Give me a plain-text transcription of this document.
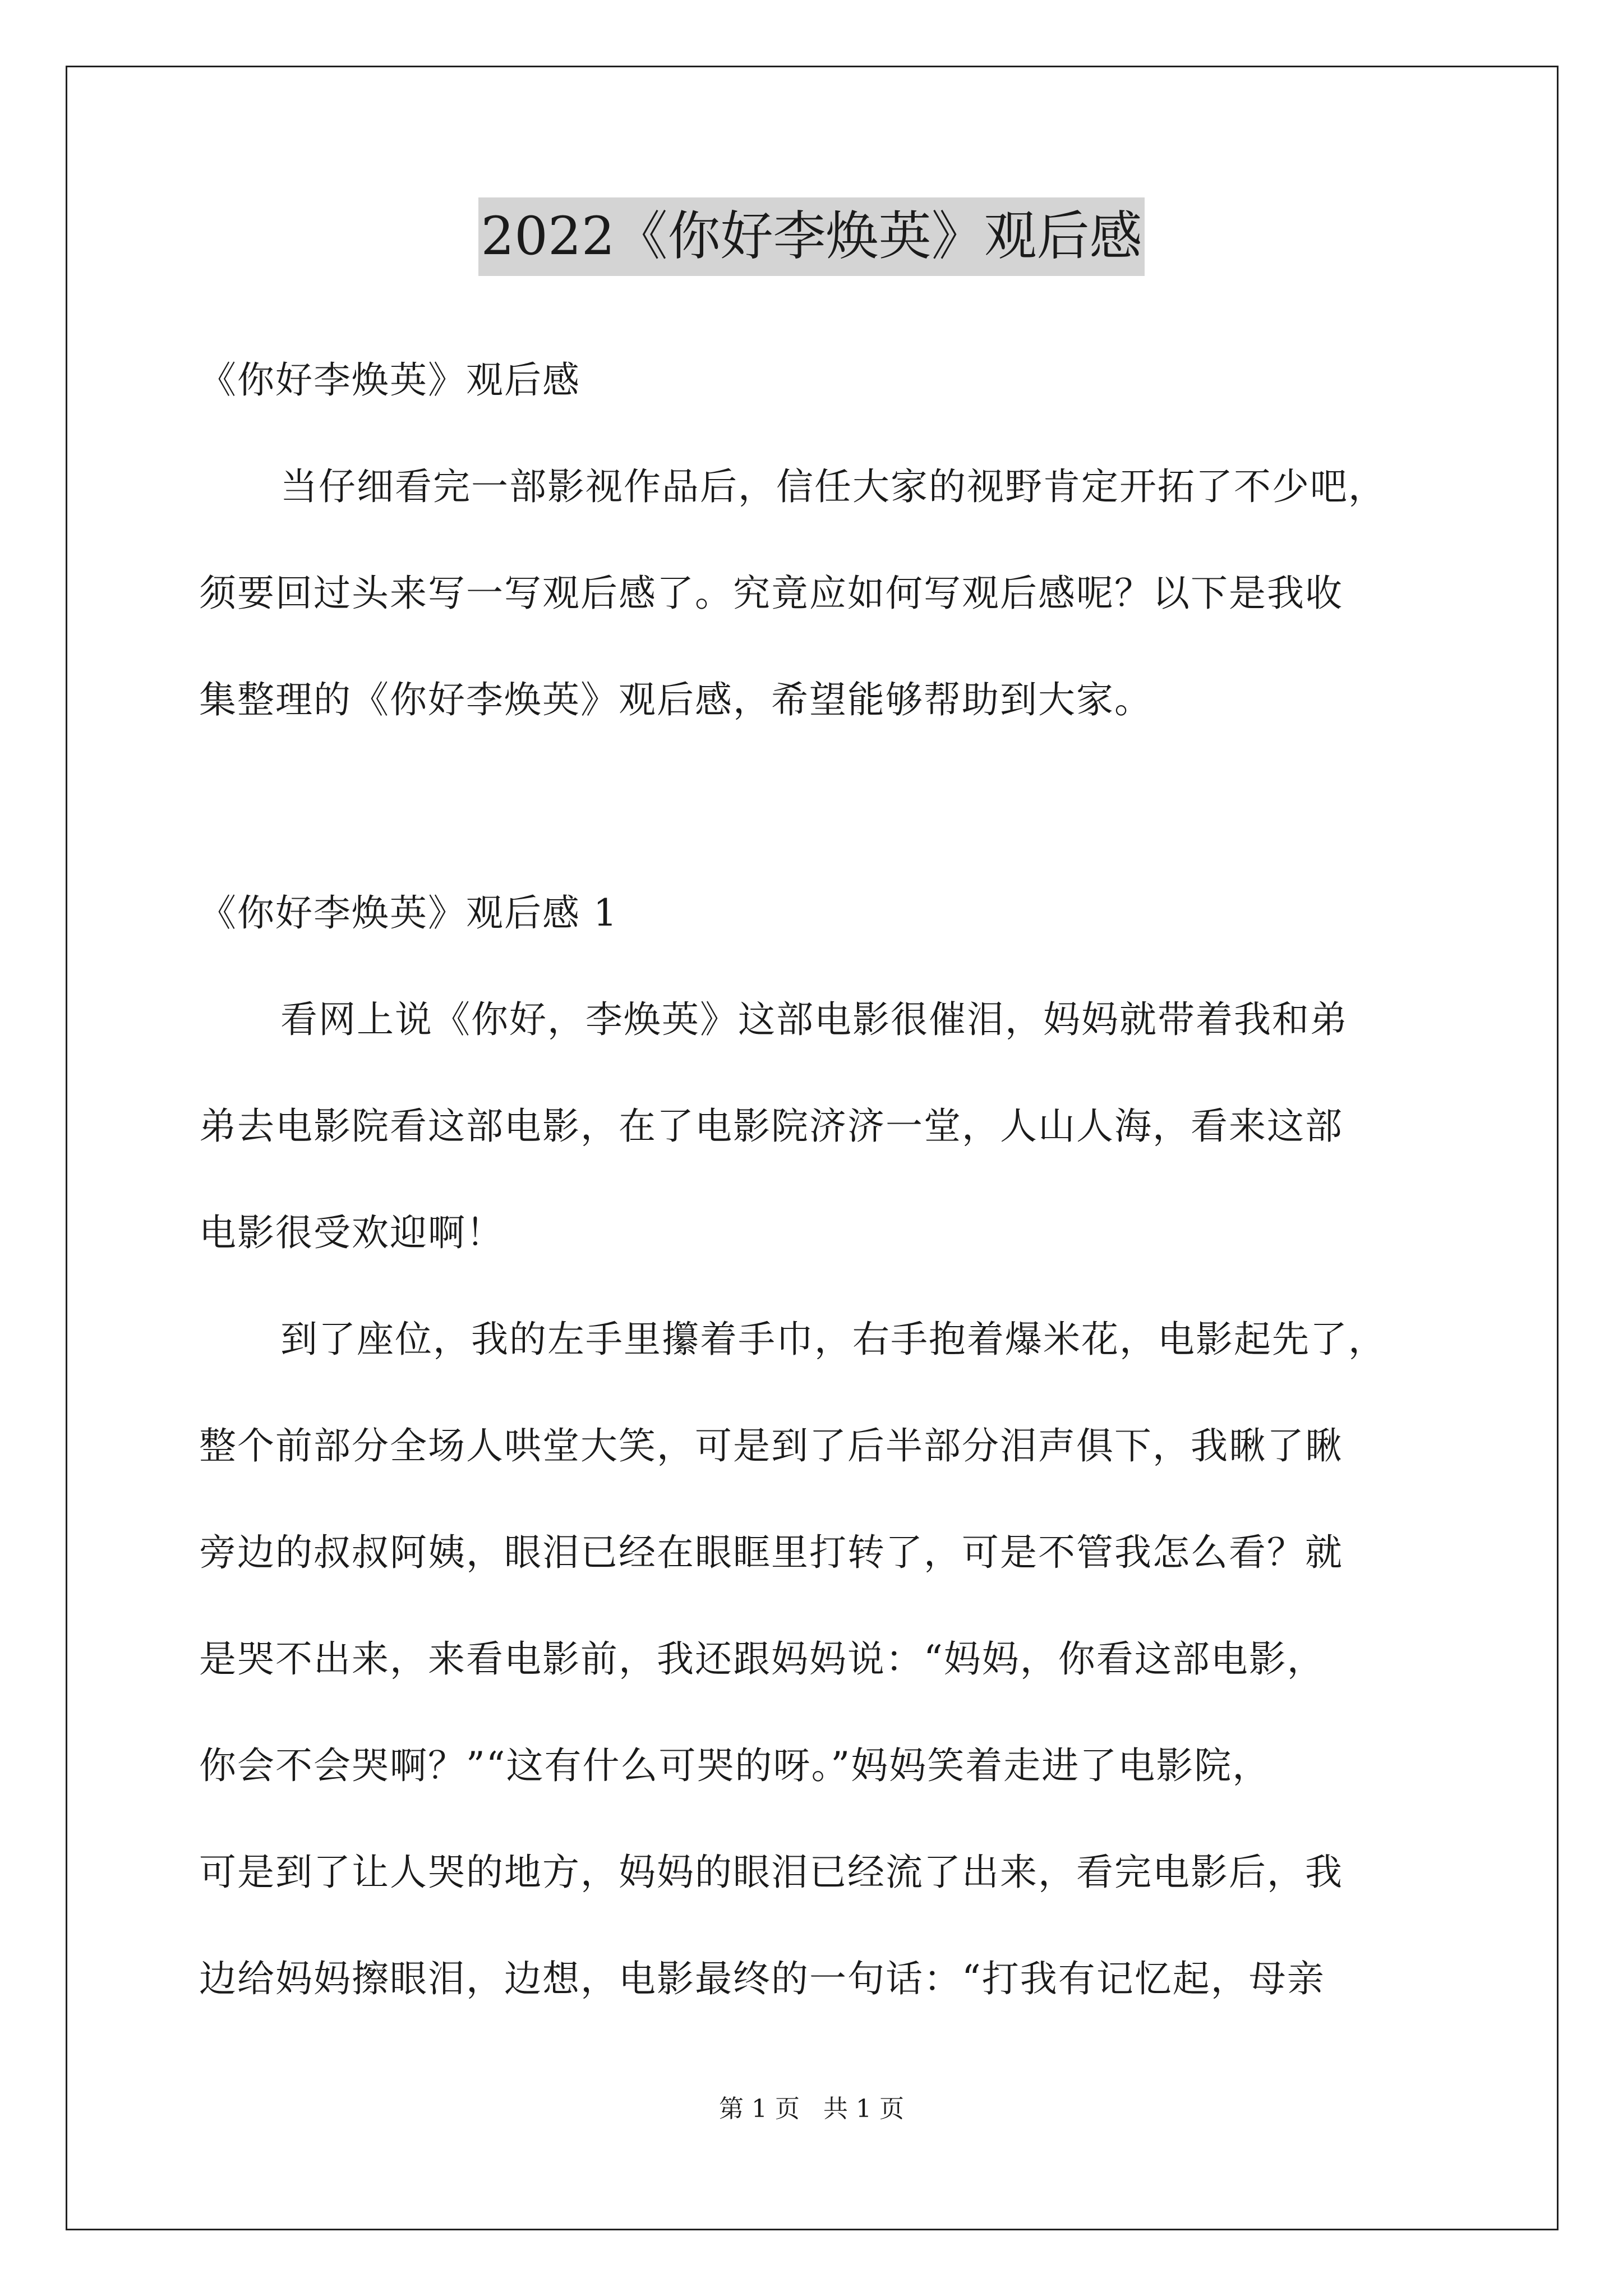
2022《你好李焕英》观后感
《你好李焕英》观后感
当仔细看完一部影视作品后，信任大家的视野肯定开拓了不少吧，
须要回过头来写一写观后感了。究竟应如何写观后感呢？以下是我收
集整理的《你好李焕英》观后感，希望能够帮助到大家。
《你好李焕英》观后感 1
看网上说《你好，李焕英》这部电影很催泪，妈妈就带着我和弟
弟去电影院看这部电影，在了电影院济济一堂，人山人海，看来这部
电影很受欢迎啊！
到了座位，我的左手里攥着手巾，右手抱着爆米花，电影起先了，
整个前部分全场人哄堂大笑，可是到了后半部分泪声俱下，我瞅了瞅
旁边的叔叔阿姨，眼泪已经在眼眶里打转了，可是不管我怎么看？就
是哭不出来，来看电影前，我还跟妈妈说：“妈妈，你看这部电影，
你会不会哭啊？”“这有什么可哭的呀。”妈妈笑着走进了电影院，
可是到了让人哭的地方，妈妈的眼泪已经流了出来，看完电影后，我
边给妈妈擦眼泪，边想，电影最终的一句话：“打我有记忆起，母亲
第 1 页 共 1 页
